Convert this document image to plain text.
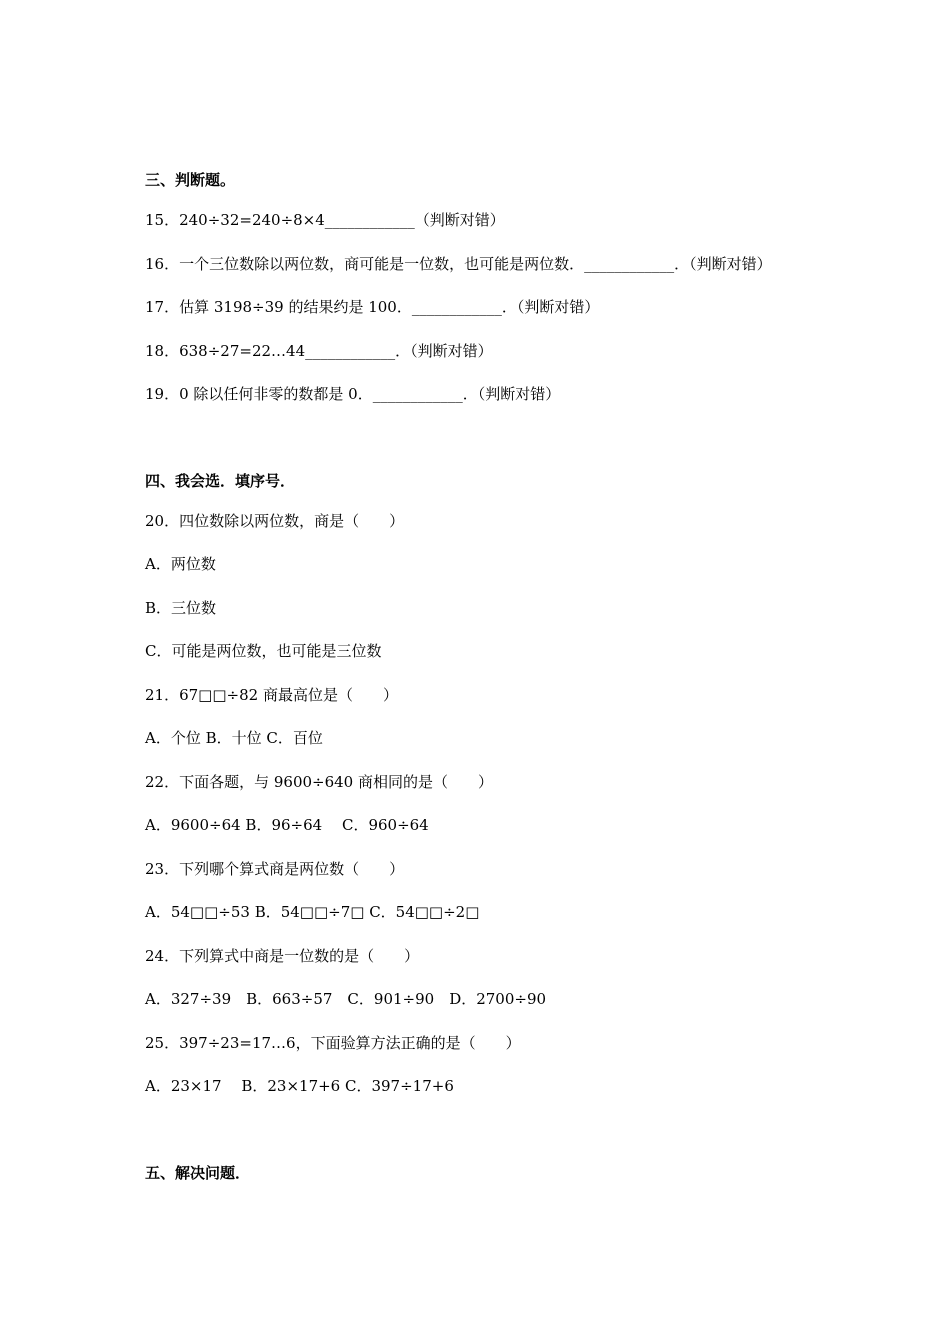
三、判断题。
15．240÷32=240÷8×4____________（判断对错）
16．一个三位数除以两位数，商可能是一位数，也可能是两位数．____________．（判断对错）
17．估算 3198÷39 的结果约是 100．____________．（判断对错）
18．638÷27=22…44____________．（判断对错）
19．0 除以任何非零的数都是 0．____________．（判断对错）
四、我会选．填序号．
20．四位数除以两位数，商是（　　）
A．两位数
B．三位数
C．可能是两位数，也可能是三位数
21．67□□÷82 商最高位是（　　）
A．个位 B．十位 C．百位
22．下面各题，与 9600÷640 商相同的是（　　）
A．9600÷64 B．96÷64　 C．960÷64
23．下列哪个算式商是两位数（　　）
A．54□□÷53 B．54□□÷7□ C．54□□÷2□
24．下列算式中商是一位数的是（　　）
A．327÷39　B．663÷57　C．901÷90　D．2700÷90
25．397÷23=17…6，下面验算方法正确的是（　　）
A．23×17　 B．23×17+6 C．397÷17+6
五、解决问题．
